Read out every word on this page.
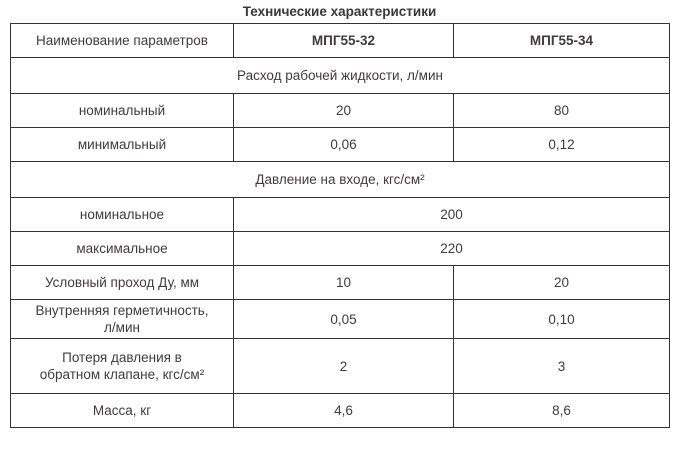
Технические характеристики
Наименование параметров	МПГ55-32	МПГ55-34
Расход рабочей жидкости, л/мин		
номинальный	20	80
минимальный	0,06	0,12
Давление на входе, кгс/см²		
номинальное	200	
максимальное	220	
Условный проход Ду, мм	10	20
Внутренняя герметичность, л/мин	0,05	0,10
Потеря давления в обратном клапане, кгс/см²	2	3
Масса, кг	4,6	8,6
